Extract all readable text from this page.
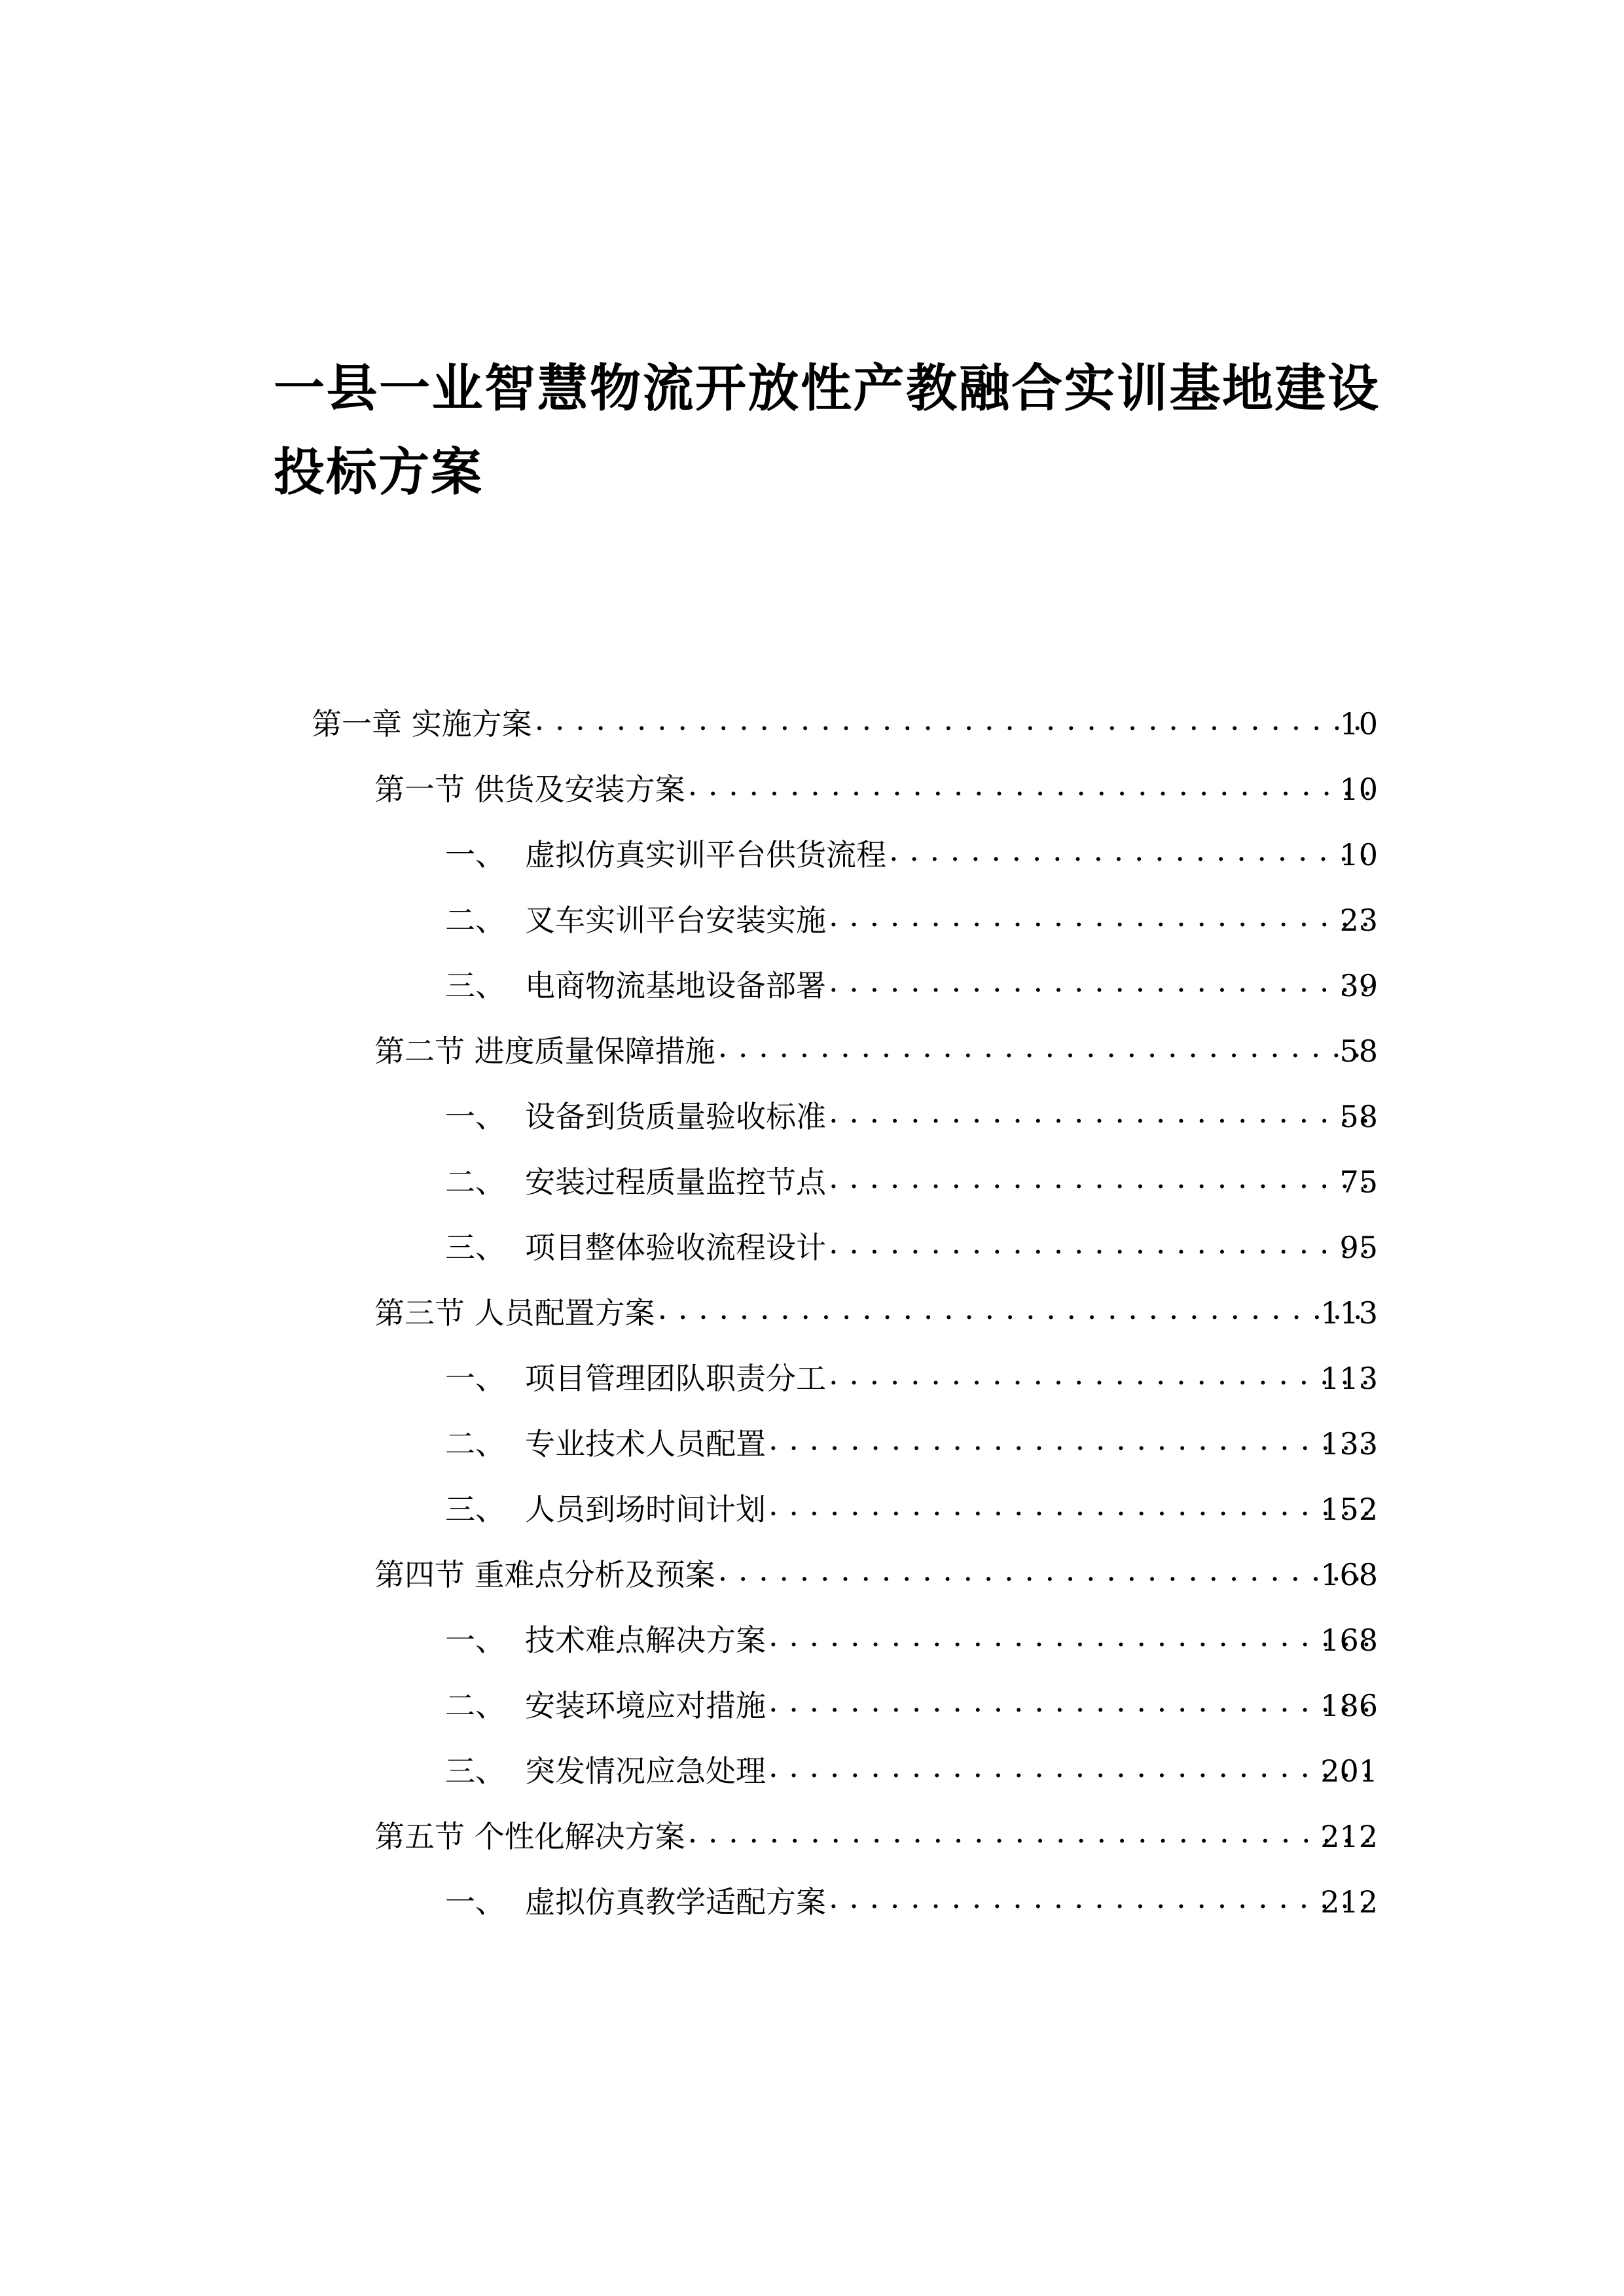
一县一业智慧物流开放性产教融合实训基地建设投标方案
第一章 实施方案 . . .	10
第一节 供货及安装方案 . . .	10
一、 虚拟仿真实训平台供货流程 . . .	10
二、 叉车实训平台安装实施 . . .	23
三、 电商物流基地设备部署 . . .	39
第二节 进度质量保障措施 . . .	58
一、 设备到货质量验收标准 . . .	58
二、 安装过程质量监控节点 . . .	75
三、 项目整体验收流程设计 . . .	95
第三节 人员配置方案 . . .	113
一、 项目管理团队职责分工 . . .	113
二、 专业技术人员配置 . . .	133
三、 人员到场时间计划 . . .	152
第四节 重难点分析及预案 . . .	168
一、 技术难点解决方案 . . .	168
二、 安装环境应对措施 . . .	186
三、 突发情况应急处理 . . .	201
第五节 个性化解决方案 . . .	212
一、 虚拟仿真教学适配方案 . . .	212
